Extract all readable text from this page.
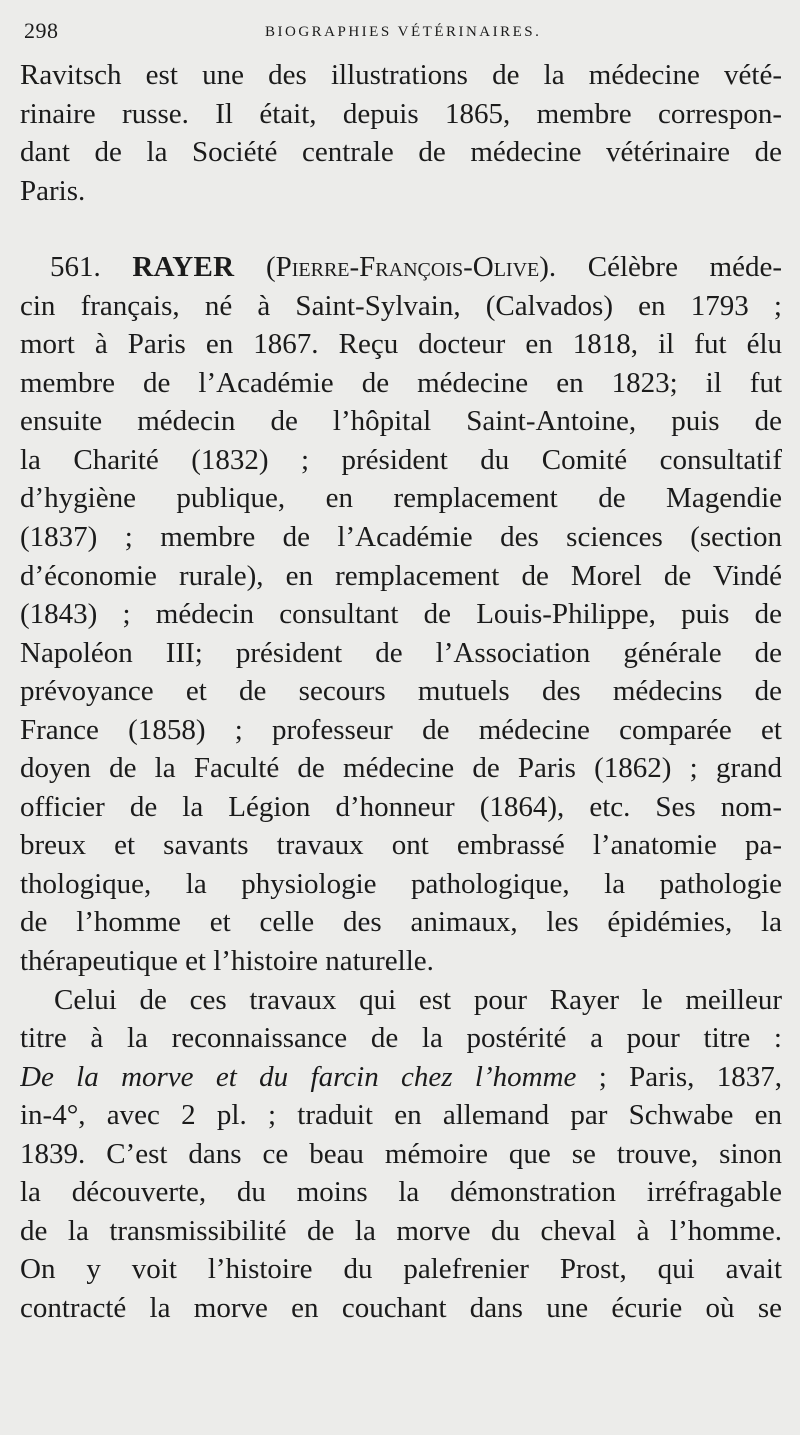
298	BIOGRAPHIES VÉTÉRINAIRES.
Ravitsch est une des illustrations de la médecine vété-
rinaire russe. Il était, depuis 1865, membre correspon-
dant de la Société centrale de médecine vétérinaire de
Paris.
561. RAYER (Pierre-François-Olive). Célèbre méde-
cin français, né à Saint-Sylvain, (Calvados) en 1793 ;
mort à Paris en 1867. Reçu docteur en 1818, il fut élu
membre de l’Académie de médecine en 1823; il fut
ensuite médecin de l’hôpital Saint-Antoine, puis de
la Charité (1832) ; président du Comité consultatif
d’hygiène publique, en remplacement de Magendie
(1837) ; membre de l’Académie des sciences (section
d’économie rurale), en remplacement de Morel de Vindé
(1843) ; médecin consultant de Louis-Philippe, puis de
Napoléon III; président de l’Association générale de
prévoyance et de secours mutuels des médecins de
France (1858) ; professeur de médecine comparée et
doyen de la Faculté de médecine de Paris (1862) ; grand
officier de la Légion d’honneur (1864), etc. Ses nom-
breux et savants travaux ont embrassé l’anatomie pa-
thologique, la physiologie pathologique, la pathologie
de l’homme et celle des animaux, les épidémies, la
thérapeutique et l’histoire naturelle.
Celui de ces travaux qui est pour Rayer le meilleur
titre à la reconnaissance de la postérité a pour titre :
De la morve et du farcin chez l’homme ; Paris, 1837,
in-4°, avec 2 pl. ; traduit en allemand par Schwabe en
1839. C’est dans ce beau mémoire que se trouve, sinon
la découverte, du moins la démonstration irréfragable
de la transmissibilité de la morve du cheval à l’homme.
On y voit l’histoire du palefrenier Prost, qui avait
contracté la morve en couchant dans une écurie où se
